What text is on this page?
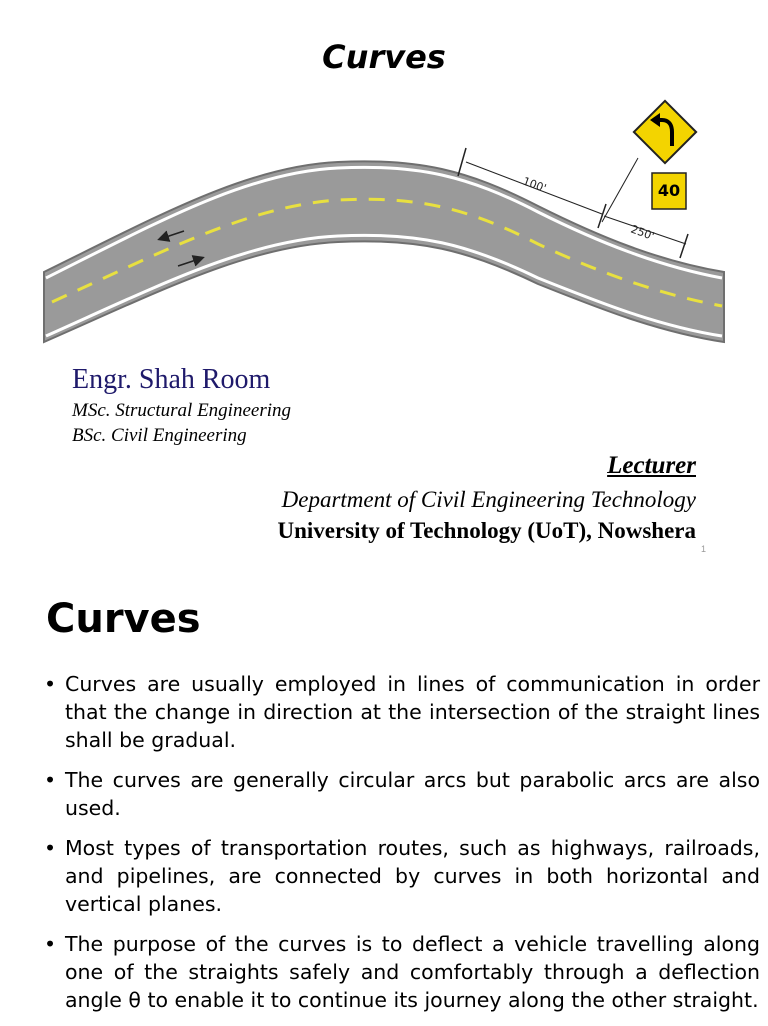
Curves
100'
250'
40
Engr. Shah Room
MSc. Structural Engineering
BSc. Civil Engineering
Lecturer
Department of Civil Engineering Technology
University of Technology (UoT), Nowshera
1
Curves
• Curves are usually employed in lines of communication in order that the change in direction at the intersection of the straight lines shall be gradual.
• The curves are generally circular arcs but parabolic arcs are also used.
• Most types of transportation routes, such as highways, railroads, and pipelines, are connected by curves in both horizontal and vertical planes.
• The purpose of the curves is to deflect a vehicle travelling along one of the straights safely and comfortably through a deflection angle θ to enable it to continue its journey along the other straight.
